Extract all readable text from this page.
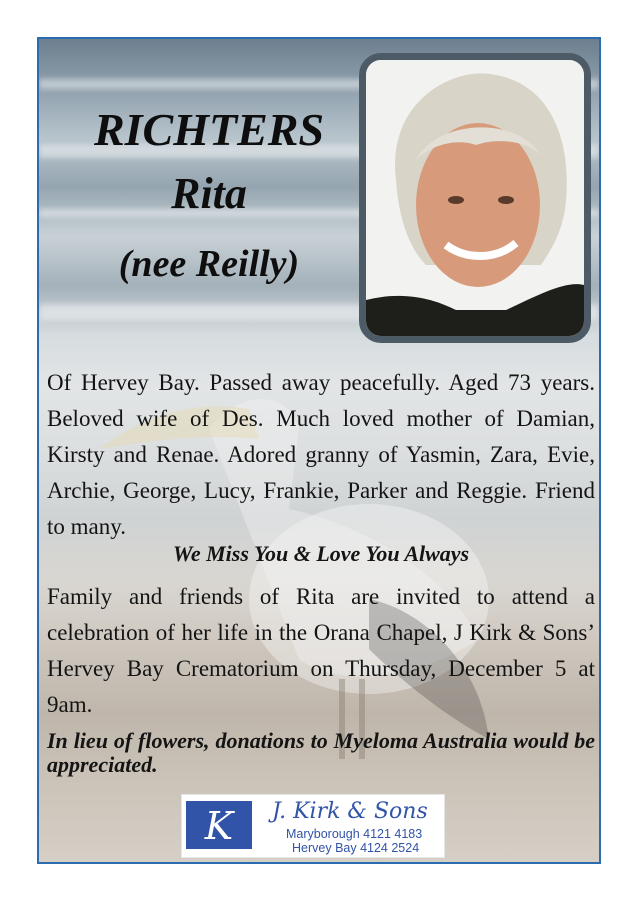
RICHTERS
Rita
(nee Reilly)
Of Hervey Bay. Passed away peacefully. Aged 73 years. Beloved wife of Des. Much loved mother of Damian, Kirsty and Renae. Adored granny of Yasmin, Zara, Evie, Archie, George, Lucy, Frankie, Parker and Reggie. Friend to many.
We Miss You & Love You Always
Family and friends of Rita are invited to attend a celebration of her life in the Orana Chapel, J Kirk & Sons’ Hervey Bay Crematorium on Thursday, December 5 at 9am.
In lieu of flowers, donations to Myeloma Australia would be appreciated.
K J. Kirk & Sons
Maryborough 4121 4183
Hervey Bay 4124 2524
